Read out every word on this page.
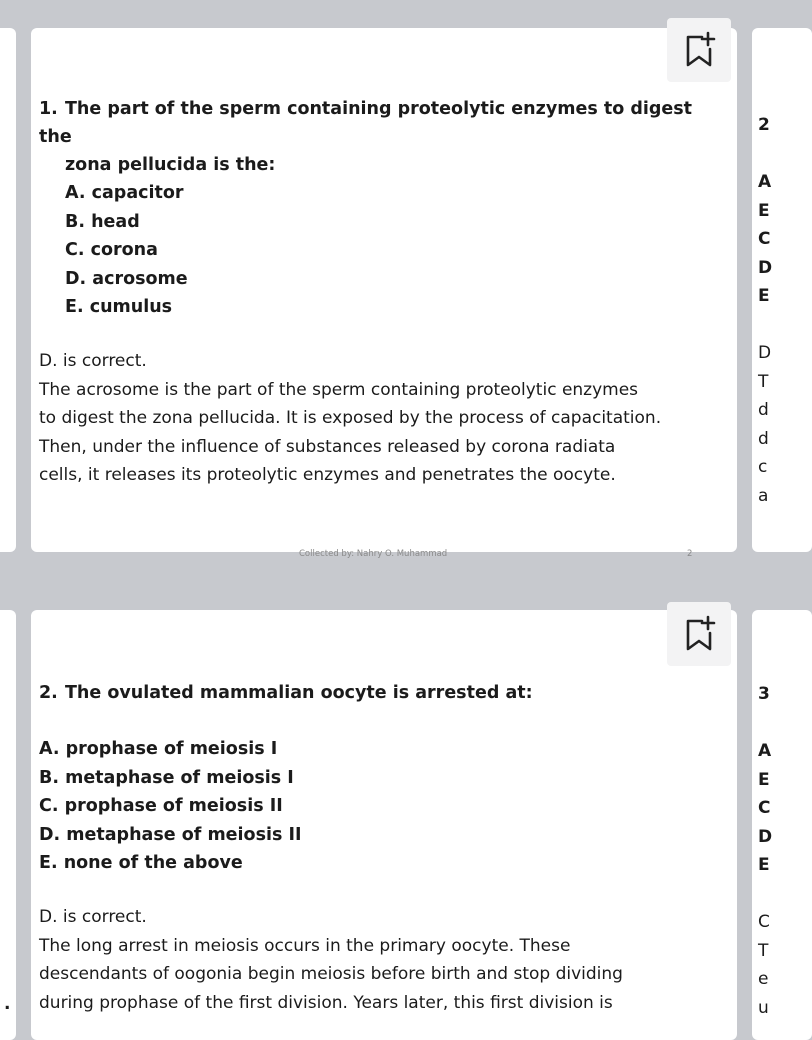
.
1. The part of the sperm containing proteolytic enzymes to digest the
zona pellucida is the:
A. capacitor
B. head
C. corona
D. acrosome
E. cumulus
D. is correct.
The acrosome is the part of the sperm containing proteolytic enzymes
to digest the zona pellucida. It is exposed by the process of capacitation.
Then, under the influence of substances released by corona radiata
cells, it releases its proteolytic enzymes and penetrates the oocyte.
Collected by: Nahry O. Muhammad	2
2. The ovulated mammalian oocyte is arrested at:
A. prophase of meiosis I
B. metaphase of meiosis I
C. prophase of meiosis II
D. metaphase of meiosis II
E. none of the above
D. is correct.
The long arrest in meiosis occurs in the primary oocyte. These
descendants of oogonia begin meiosis before birth and stop dividing
during prophase of the first division. Years later, this first division is
2
A
E
C
D
E
D
T
d
d
c
a
3
A
E
C
D
E
C
T
e
u
